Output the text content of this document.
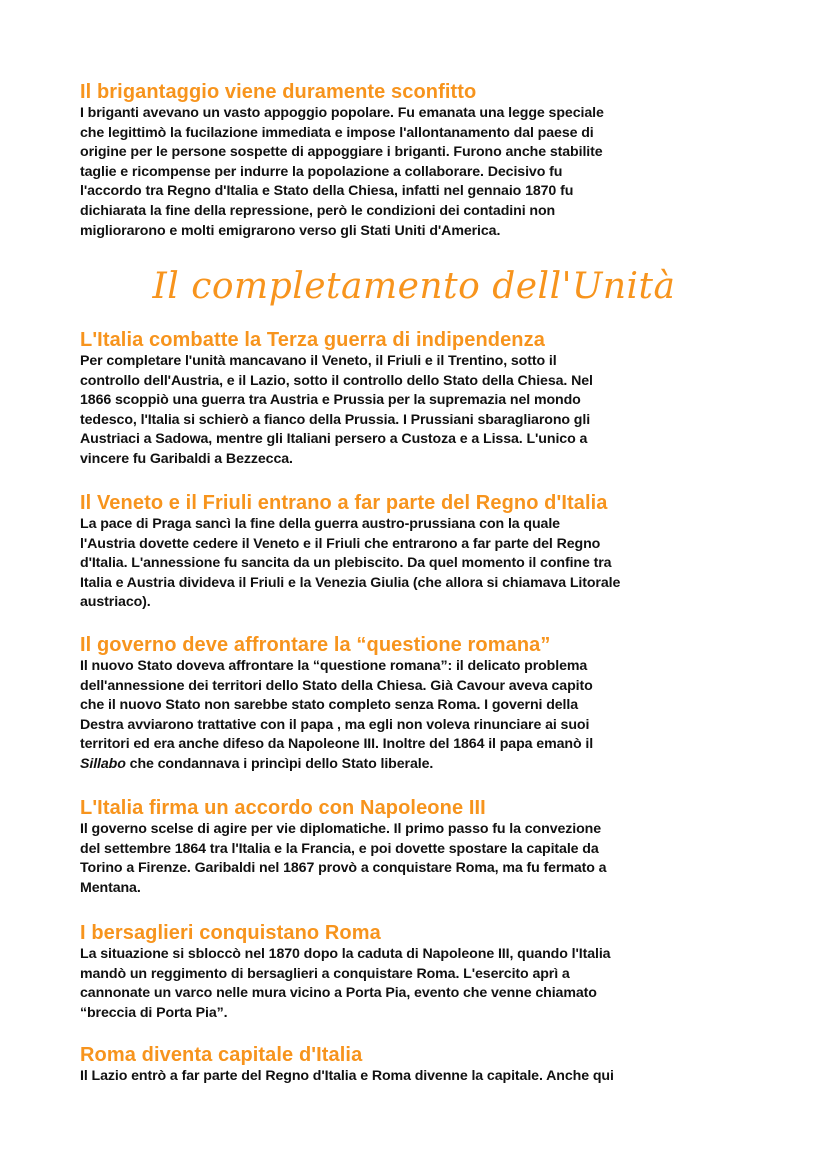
Il completamento dell'Unità
Il brigantaggio viene duramente sconfitto
I briganti avevano un vasto appoggio popolare. Fu emanata una legge speciale
che legittimò la fucilazione immediata e impose l'allontanamento dal paese di
origine per le persone sospette di appoggiare i briganti. Furono anche stabilite
taglie e ricompense per indurre la popolazione a collaborare. Decisivo fu
l'accordo tra Regno d'Italia e Stato della Chiesa, infatti nel gennaio 1870 fu
dichiarata la fine della repressione, però le condizioni dei contadini non
migliorarono e molti emigrarono verso gli Stati Uniti d'America.
L'Italia combatte la Terza guerra di indipendenza
Per completare l'unità mancavano il Veneto, il Friuli e il Trentino, sotto il
controllo dell'Austria, e il Lazio, sotto il controllo dello Stato della Chiesa. Nel
1866 scoppiò una guerra tra Austria e Prussia per la supremazia nel mondo
tedesco, l'Italia si schierò a fianco della Prussia. I Prussiani sbaragliarono gli
Austriaci a Sadowa, mentre gli Italiani persero a Custoza e a Lissa. L'unico a
vincere fu Garibaldi a Bezzecca.
Il Veneto e il Friuli entrano a far parte del Regno d'Italia
La pace di Praga sancì la fine della guerra austro-prussiana con la quale
l'Austria dovette cedere il Veneto e il Friuli che entrarono a far parte del Regno
d'Italia. L'annessione fu sancita da un plebiscito. Da quel momento il confine tra
Italia e Austria divideva il Friuli e la Venezia Giulia (che allora si chiamava Litorale
austriaco).
Il governo deve affrontare la “questione romana”
Il nuovo Stato doveva affrontare la “questione romana”: il delicato problema
dell'annessione dei territori dello Stato della Chiesa. Già Cavour aveva capito
che il nuovo Stato non sarebbe stato completo senza Roma. I governi della
Destra avviarono trattative con il papa , ma egli non voleva rinunciare ai suoi
territori ed era anche difeso da Napoleone III. Inoltre del 1864 il papa emanò il
Sillabo che condannava i princìpi dello Stato liberale.
L'Italia firma un accordo con Napoleone III
Il governo scelse di agire per vie diplomatiche. Il primo passo fu la convezione
del settembre 1864 tra l'Italia e la Francia, e poi dovette spostare la capitale da
Torino a Firenze. Garibaldi nel 1867 provò a conquistare Roma, ma fu fermato a
Mentana.
I bersaglieri conquistano Roma
La situazione si sbloccò nel 1870 dopo la caduta di Napoleone III, quando l'Italia
mandò un reggimento di bersaglieri a conquistare Roma. L'esercito aprì a
cannonate un varco nelle mura vicino a Porta Pia, evento che venne chiamato
“breccia di Porta Pia”.
Roma diventa capitale d'Italia
Il Lazio entrò a far parte del Regno d'Italia e Roma divenne la capitale. Anche qui
